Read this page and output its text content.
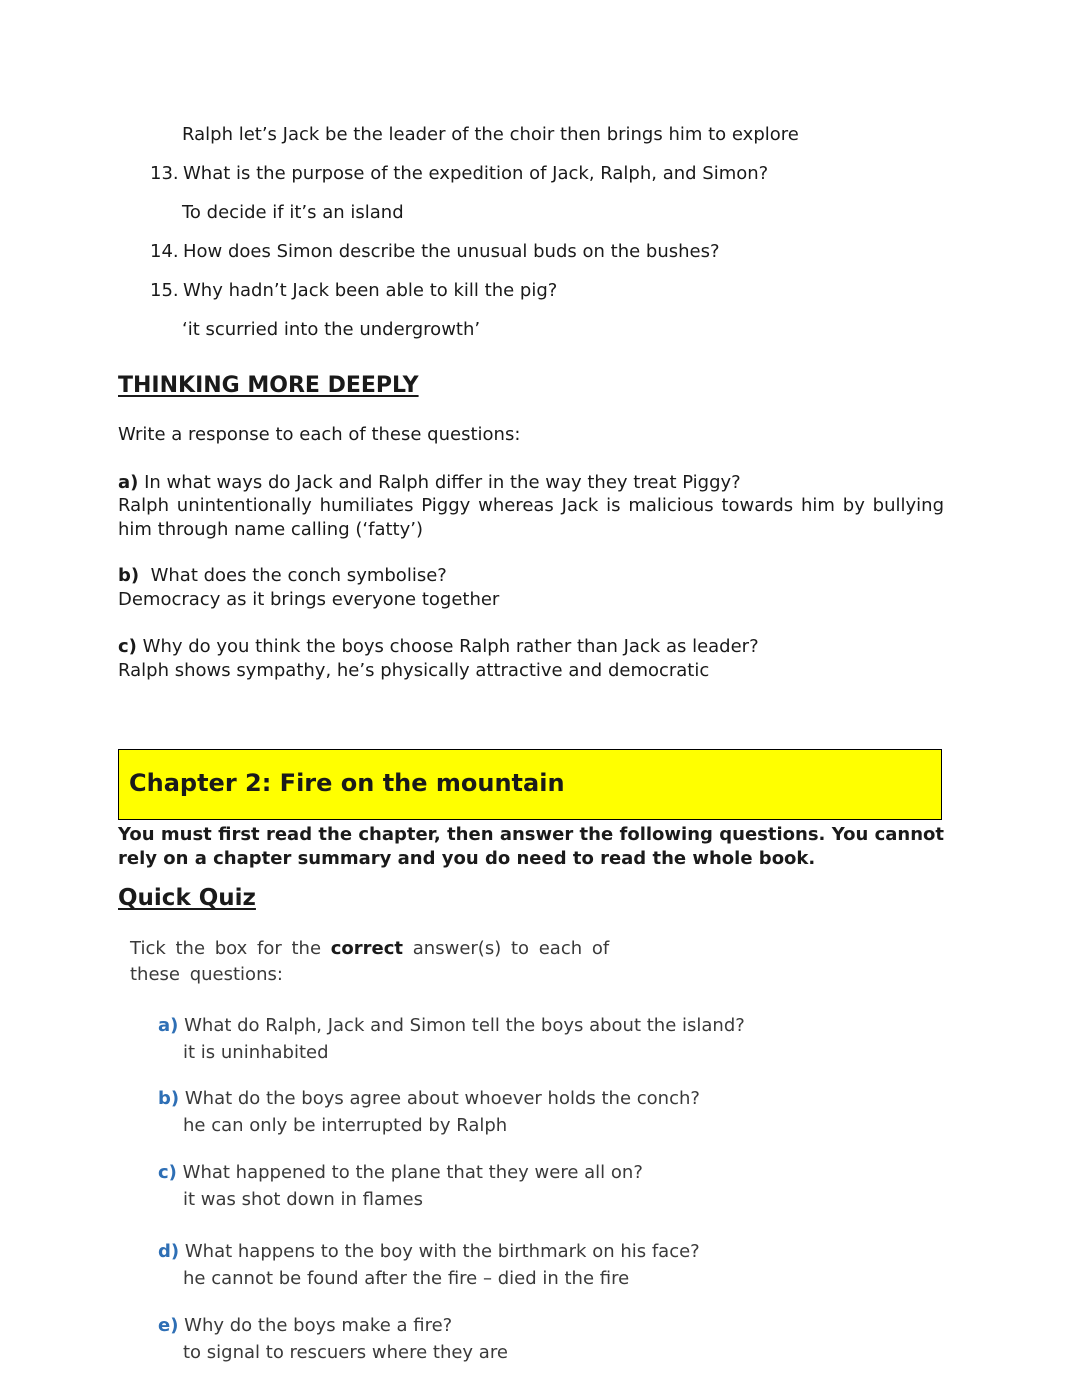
Ralph let’s Jack be the leader of the choir then brings him to explore
13. What is the purpose of the expedition of Jack, Ralph, and Simon?
To decide if it’s an island
14. How does Simon describe the unusual buds on the bushes?
15. Why hadn’t Jack been able to kill the pig?
‘it scurried into the undergrowth’
THINKING MORE DEEPLY
Write a response to each of these questions:
a) In what ways do Jack and Ralph differ in the way they treat Piggy?
Ralph unintentionally humiliates Piggy whereas Jack is malicious towards him by bullying him through name calling (‘fatty’)
b) What does the conch symbolise?
Democracy as it brings everyone together
c) Why do you think the boys choose Ralph rather than Jack as leader?
Ralph shows sympathy, he’s physically attractive and democratic
Chapter 2: Fire on the mountain
You must first read the chapter, then answer the following questions. You cannot rely on a chapter summary and you do need to read the whole book.
Quick Quiz
Tick the box for the correct answer(s) to each of these questions:
a) What do Ralph, Jack and Simon tell the boys about the island?
it is uninhabited
b) What do the boys agree about whoever holds the conch?
he can only be interrupted by Ralph
c) What happened to the plane that they were all on?
it was shot down in flames
d) What happens to the boy with the birthmark on his face?
he cannot be found after the fire – died in the fire
e) Why do the boys make a fire?
to signal to rescuers where they are
